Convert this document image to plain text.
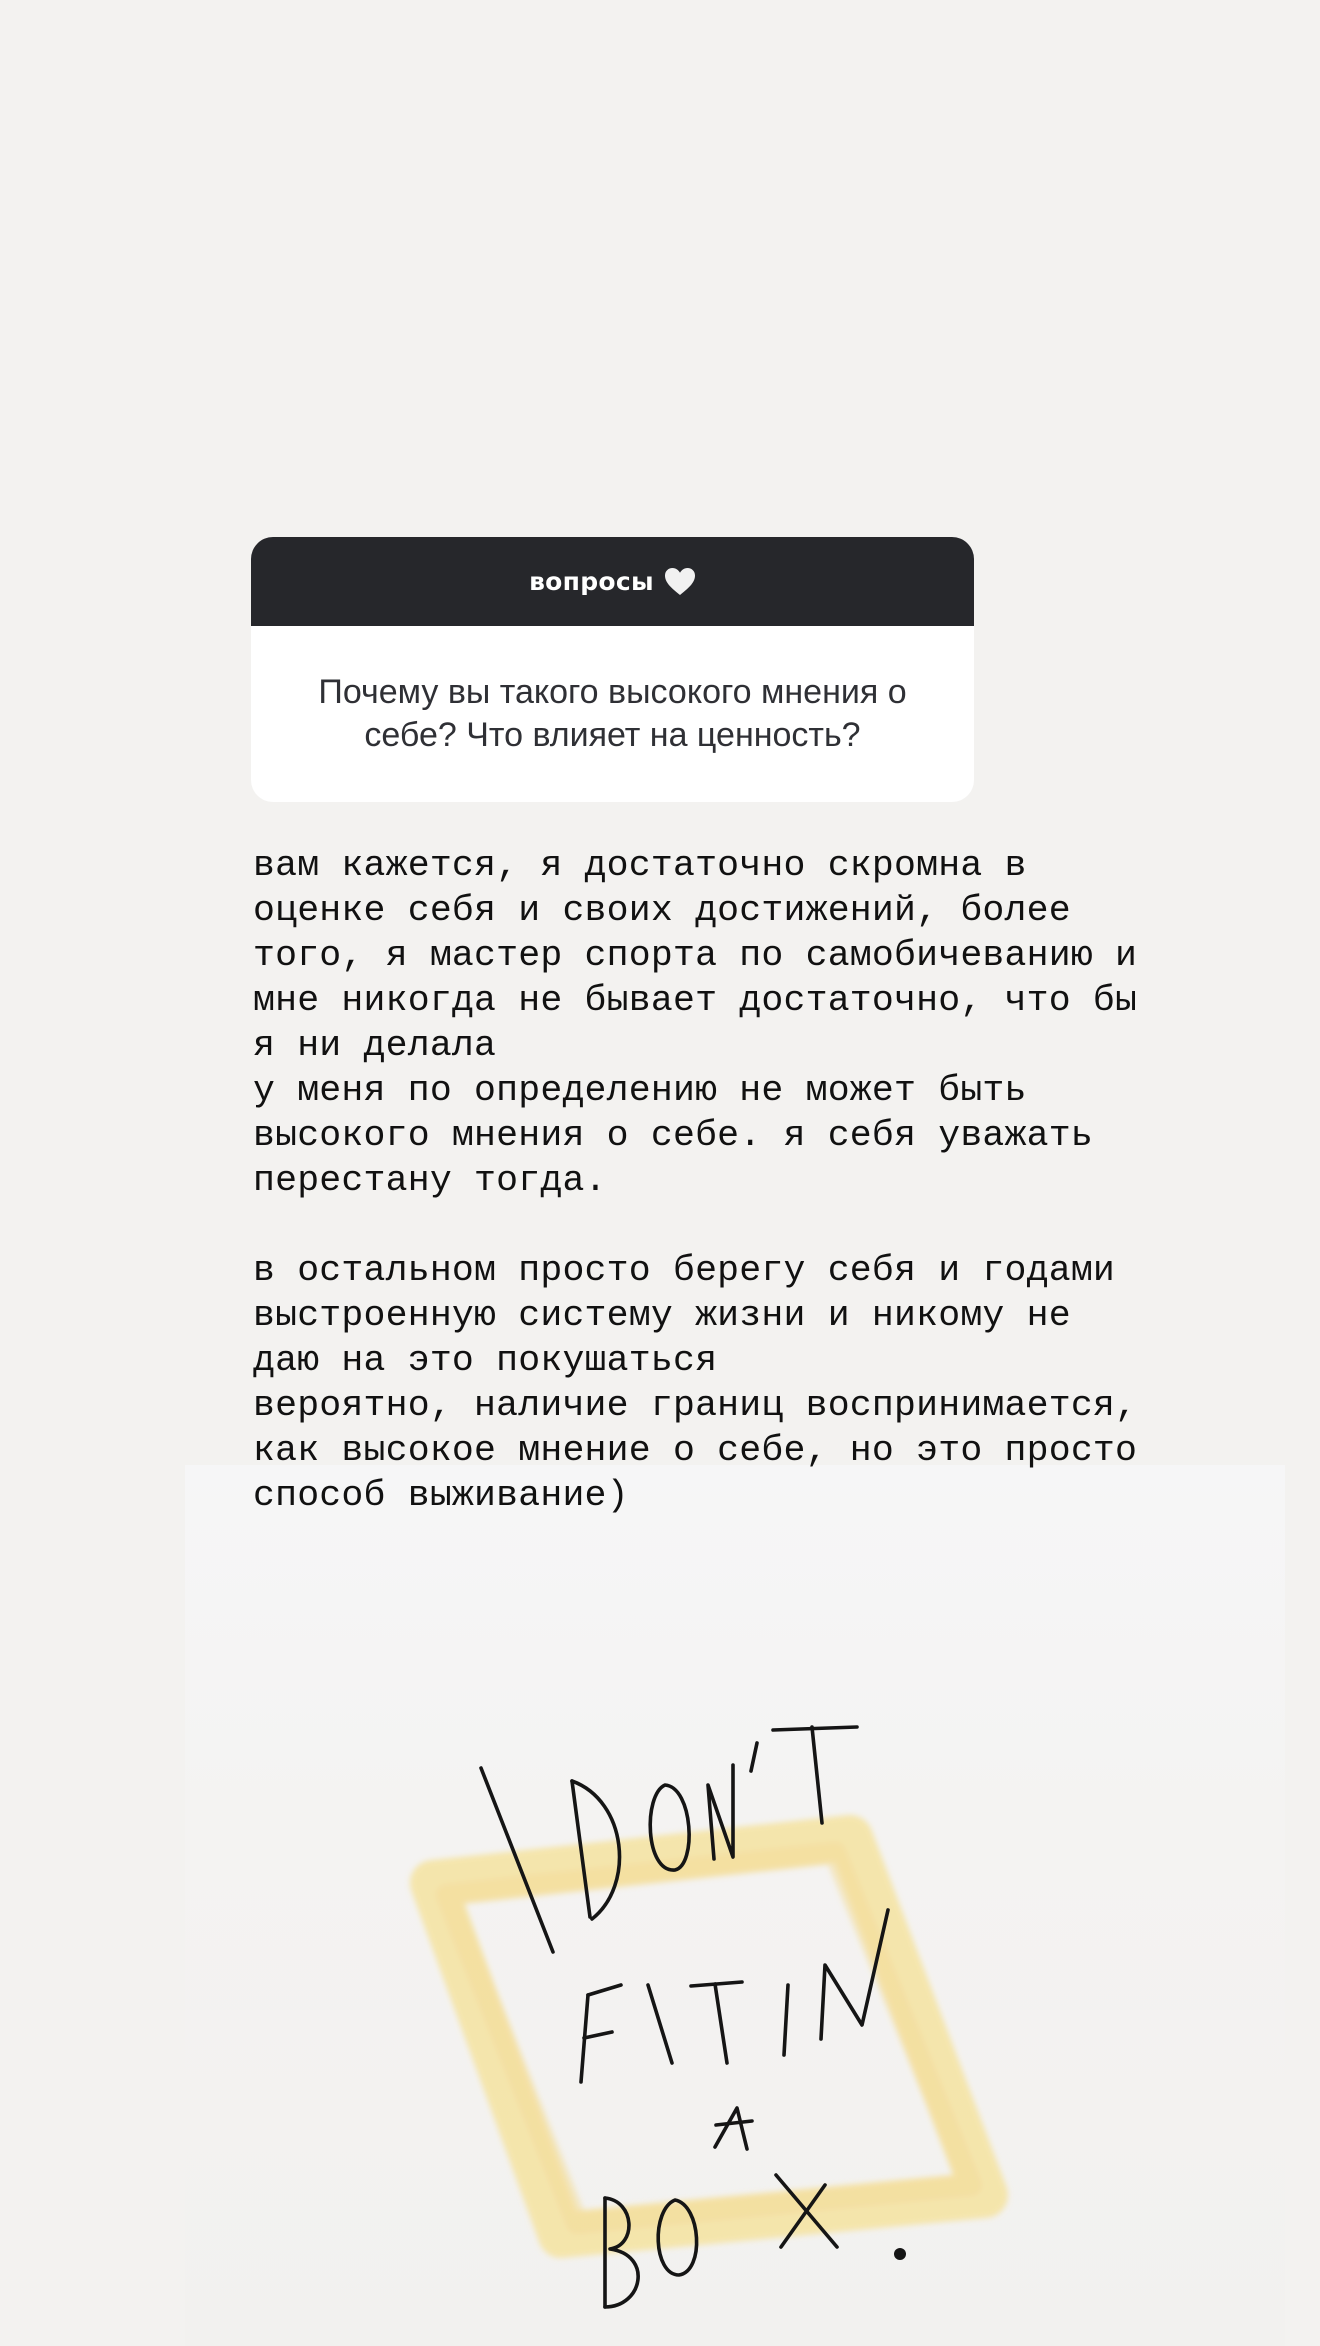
вопросы
Почему вы такого высокого мнения о себе? Что влияет на ценность?
вам кажется, я достаточно скромна в
оценке себя и своих достижений, более
того, я мастер спорта по самобичеванию и
мне никогда не бывает достаточно, что бы
я ни делала
у меня по определению не может быть
высокого мнения о себе. я себя уважать
перестану тогда.

в остальном просто берегу себя и годами
выстроенную систему жизни и никому не
даю на это покушаться
вероятно, наличие границ воспринимается,
как высокое мнение о себе, но это просто
способ выживание)
